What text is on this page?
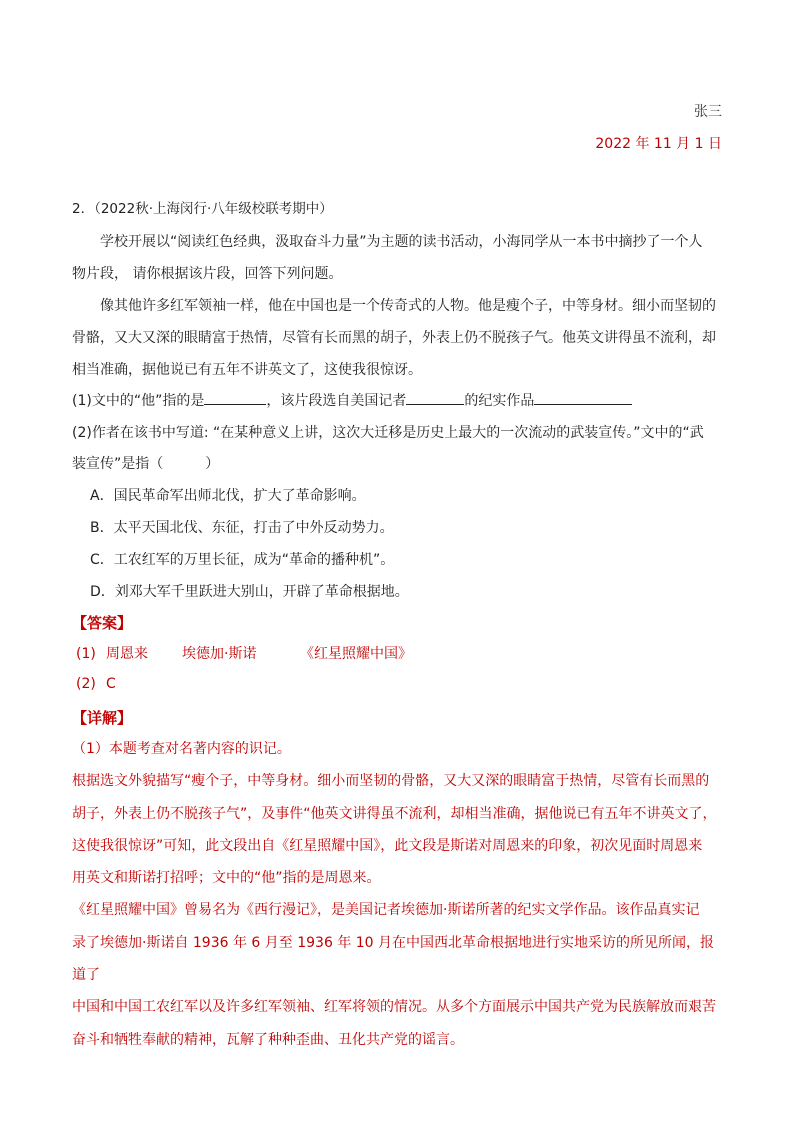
张三
2022 年 11 月 1 日
2．（2022秋·上海闵行·八年级校联考期中）
学校开展以“阅读红色经典，汲取奋斗力量”为主题的读书活动，小海同学从一本书中摘抄了一个人
物片段， 请你根据该片段，回答下列问题。
像其他许多红军领袖一样，他在中国也是一个传奇式的人物。他是瘦个子，中等身材。细小而坚韧的
骨骼，又大又深的眼睛富于热情，尽管有长而黑的胡子，外表上仍不脱孩子气。他英文讲得虽不流利，却
相当准确，据他说已有五年不讲英文了，这使我很惊讶。
(1)文中的“他”指的是	，该片段选自美国记者	的纪实作品
(2)作者在该书中写道: “在某种意义上讲，这次大迁移是历史上最大的一次流动的武装宣传。”文中的“武
装宣传”是指（　　　）
A．国民革命军出师北伐，扩大了革命影响。
B．太平天国北伐、东征，打击了中外反动势力。
C．工农红军的万里长征，成为“革命的播种机”。
D．刘邓大军千里跃进大别山，开辟了革命根据地。
【答案】
(1) 周恩来 埃德加·斯诺	《红星照耀中国》
(2) C
【详解】
（1）本题考查对名著内容的识记。
根据选文外貌描写“瘦个子，中等身材。细小而坚韧的骨骼，又大又深的眼睛富于热情，尽管有长而黑的
胡子，外表上仍不脱孩子气”，及事件“他英文讲得虽不流利，却相当准确，据他说已有五年不讲英文了，
这使我很惊讶”可知，此文段出自《红星照耀中国》，此文段是斯诺对周恩来的印象，初次见面时周恩来
用英文和斯诺打招呼；文中的“他”指的是周恩来。
《红星照耀中国》曾易名为《西行漫记》，是美国记者埃德加·斯诺所著的纪实文学作品。该作品真实记
录了埃德加·斯诺自 1936 年 6 月至 1936 年 10 月在中国西北革命根据地进行实地采访的所见所闻，报道了
中国和中国工农红军以及许多红军领袖、红军将领的情况。从多个方面展示中国共产党为民族解放而艰苦
奋斗和牺牲奉献的精神，瓦解了种种歪曲、丑化共产党的谣言。
